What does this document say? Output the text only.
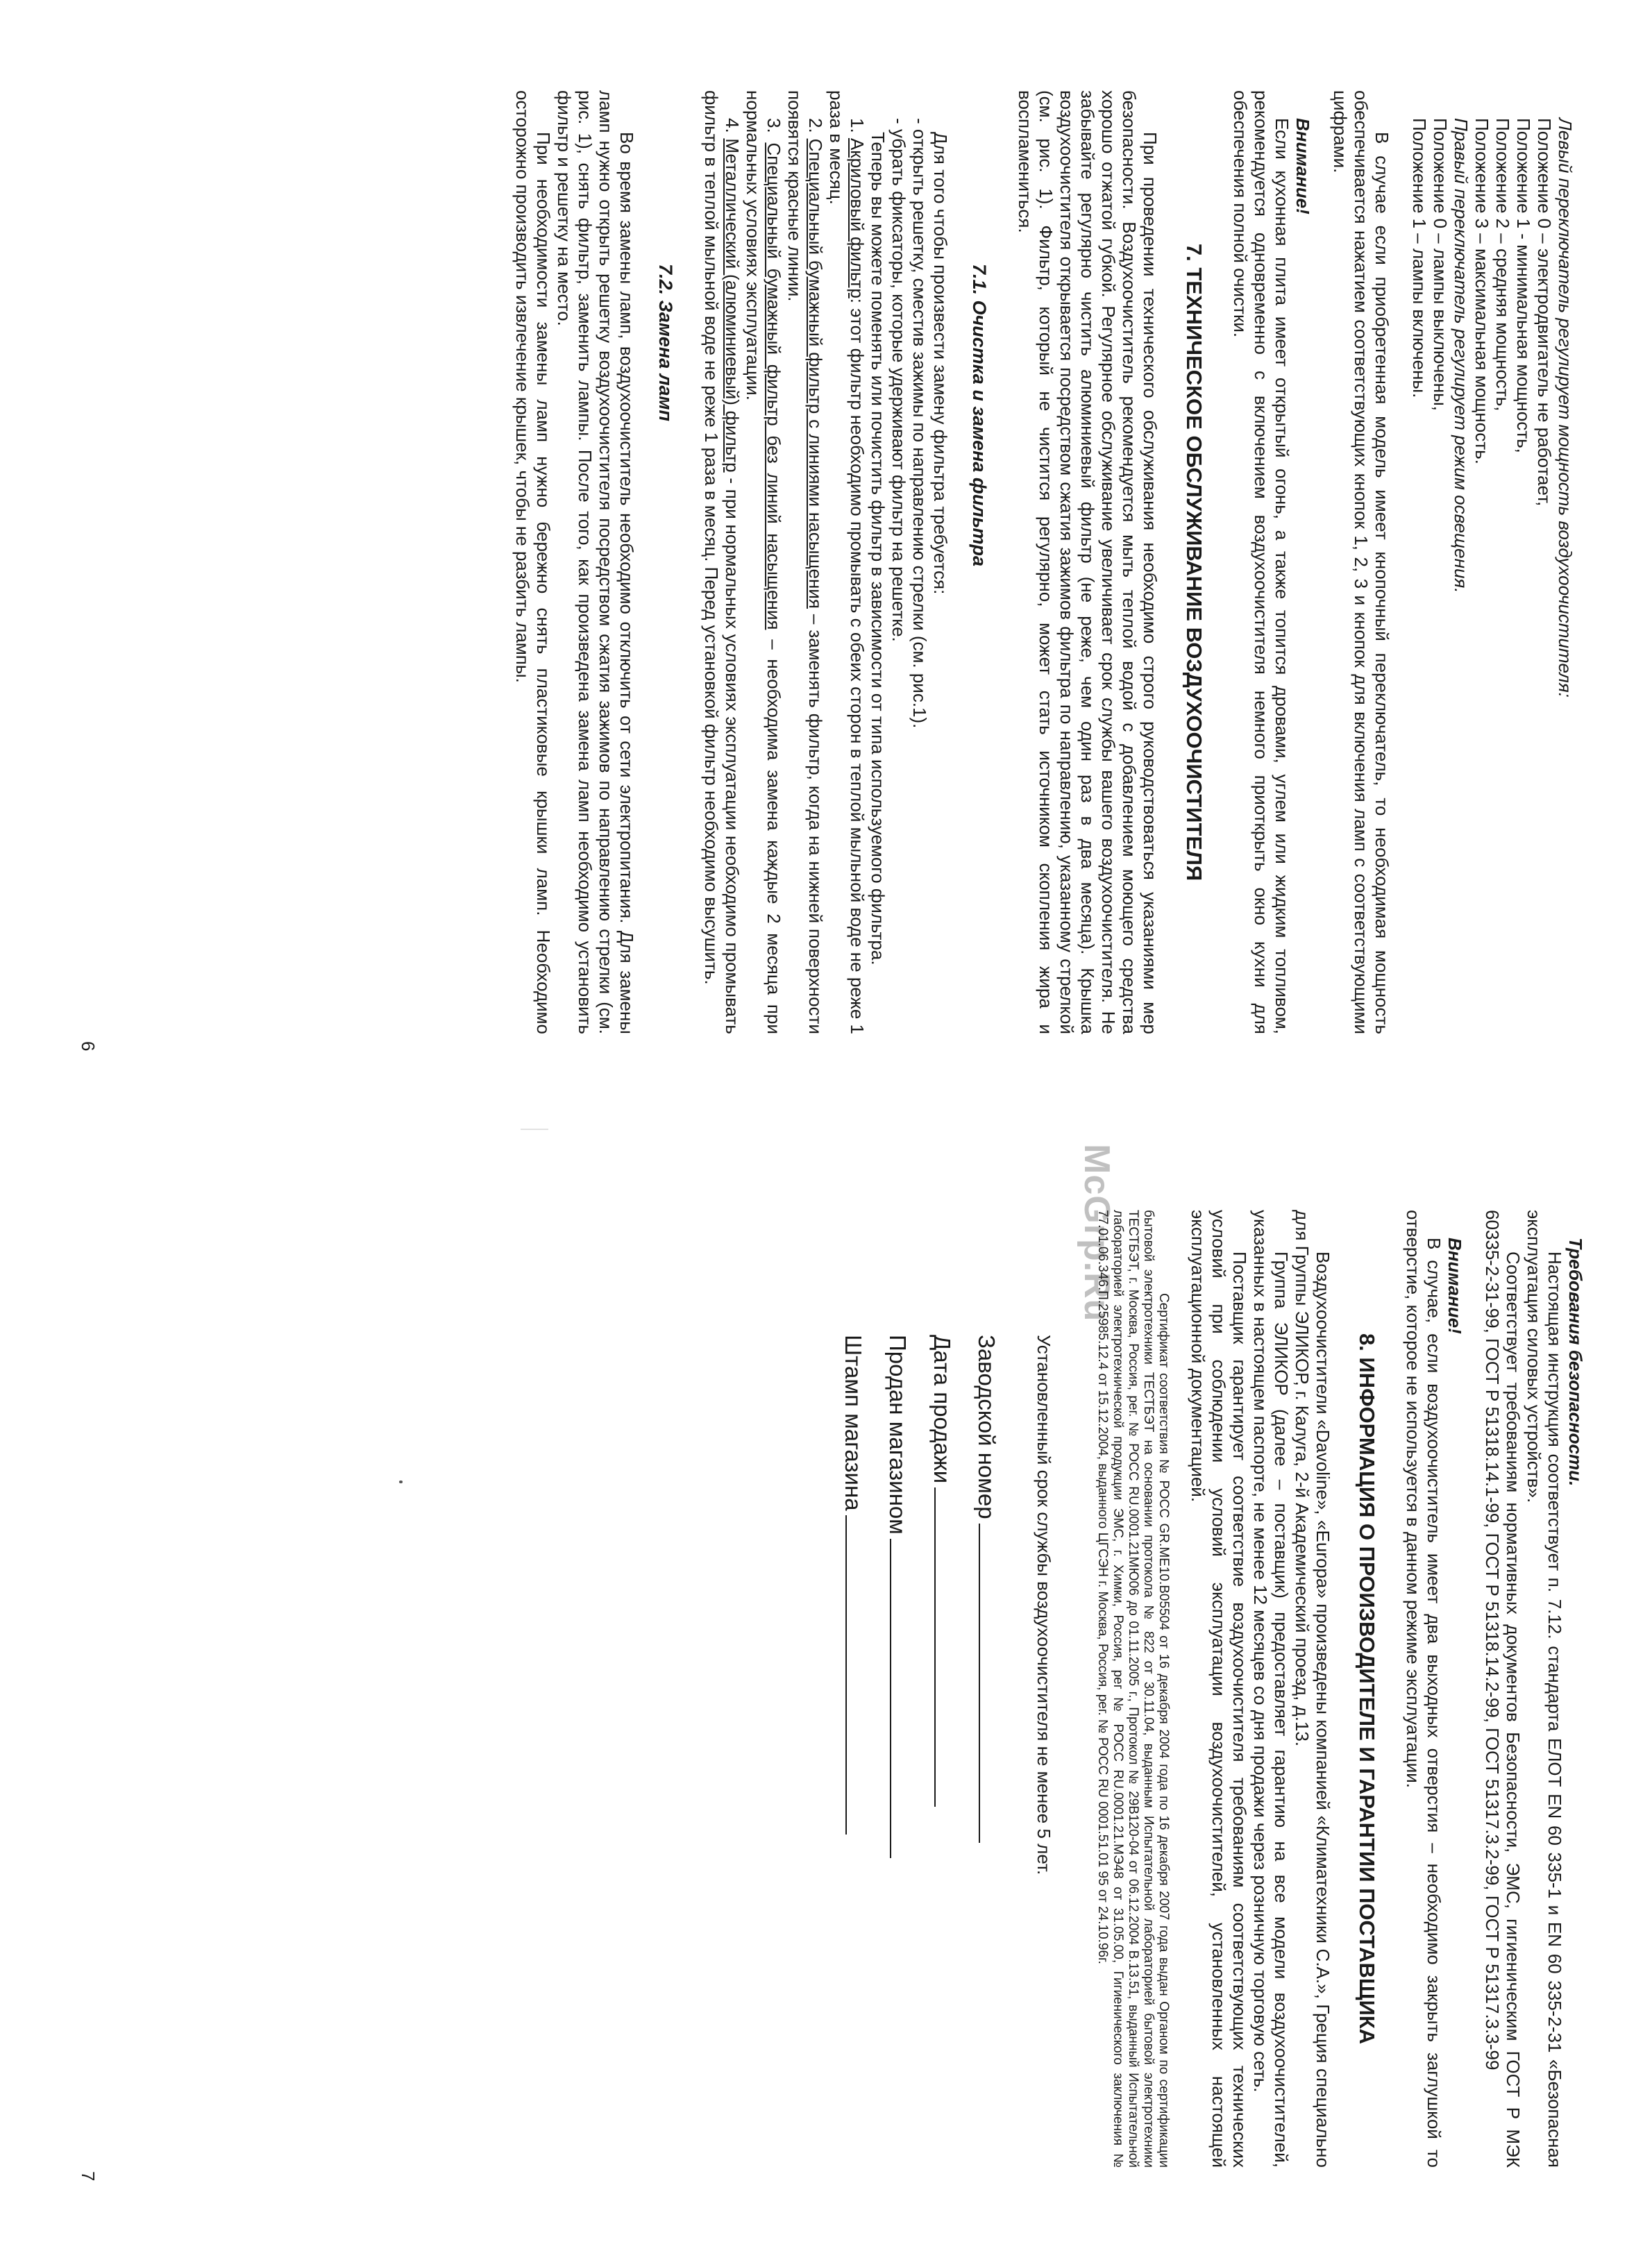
Левый переключатель регулирует мощность воздухоочистителя:

Положение 0 – электродвигатель не работает,

Положение 1 - минимальная мощность,

Положение 2 – средняя мощность,

Положение 3 – максимальная мощность.

Правый переключатель регулирует режим освещения.

Положение 0 – лампы выключены,

Положение 1 – лампы включены.

В случае если приобретенная модель имеет кнопочный переключатель, то необходимая мощность обеспечивается нажатием соответствующих кнопок 1, 2, 3 и кнопок для включения ламп с соответствующими цифрами.

Внимание!

Если кухонная плита имеет открытый огонь, а также топится дровами, углем или жидким топливом, рекомендуется одновременно с включением воздухоочистителя немного приоткрыть окно кухни для обеспечения полной очистки.

7. ТЕХНИЧЕСКОЕ ОБСЛУЖИВАНИЕ ВОЗДУХООЧИСТИТЕЛЯ

При проведении технического обслуживания необходимо строго руководствоваться указаниями мер безопасности. Воздухоочиститель рекомендуется мыть теплой водой с добавлением моющего средства хорошо отжатой губкой. Регулярное обслуживание увеличивает срок службы вашего воздухоочистителя. Не забывайте регулярно чистить алюминиевый фильтр (не реже, чем один раз в два месяца). Крышка воздухоочистителя открывается посредством сжатия зажимов фильтра по направлению, указанному стрелкой (см. рис. 1). Фильтр, который не чистится регулярно, может стать источником скопления жира и воспламениться.

7.1. Очистка и замена фильтра

Для того чтобы произвести замену фильтра требуется:

- открыть решетку, сместив зажимы по направлению стрелки (см. рис.1).

- убрать фиксаторы, которые удерживают фильтр на решетке.

Теперь вы можете поменять или почистить фильтр в зависимости от типа используемого фильтра.

1. Акриловый фильтр: этот фильтр необходимо промывать с обеих сторон в теплой мыльной воде не реже 1 раза в месяц.

2. Специальный бумажный фильтр с линиями насыщения – заменять фильтр, когда на нижней поверхности появятся красные линии.

3. Специальный бумажный фильтр без линий насыщения – необходима замена каждые 2 месяца при нормальных условиях эксплуатации.

4. Металлический (алюминиевый) фильтр - при нормальных условиях эксплуатации необходимо промывать фильтр в теплой мыльной воде не реже 1 раза в месяц. Перед установкой фильтр необходимо высушить.

7.2. Замена ламп

Во время замены ламп, воздухоочиститель необходимо отключить от сети электропитания. Для замены ламп нужно открыть решетку воздухоочистителя посредством сжатия зажимов по направлению стрелки (см. рис. 1), снять фильтр, заменить лампы. После того, как произведена замена ламп необходимо установить фильтр и решетку на место.

При необходимости замены ламп нужно бережно снять пластиковые крышки ламп. Необходимо осторожно производить извлечение крышек, чтобы не разбить лампы.

6
McGrp.Ru

Требования безопасности.

Настоящая инструкция соответствует п. 7.12. стандарта ЕЛОТ EN 60 335-1 и EN 60 335-2-31 «Безопасная эксплуатация силовых устройств».

Соответствует требованиям нормативных документов Безопасности, ЭМС, гигиеническим ГОСТ Р МЭК 60335-2-31-99, ГОСТ Р 51318.14.1-99, ГОСТ Р 51318.14.2-99, ГОСТ 51317.3.2-99, ГОСТ Р 51317.3.3-99

Внимание!

В случае, если воздухоочиститель имеет два выходных отверстия – необходимо закрыть заглушкой то отверстие, которое не используется в данном режиме эксплуатации.

8. ИНФОРМАЦИЯ О ПРОИЗВОДИТЕЛЕ И ГАРАНТИИ ПОСТАВЩИКА

Воздухоочистители «Davoline», «Europa» произведены компанией «Климатехники С.А.», Греция специально для Группы ЭЛИКОР, г. Калуга, 2-й Академический проезд, д.13.

Группа ЭЛИКОР (далее – поставщик) предоставляет гарантию на все модели воздухоочистителей, указанных в настоящем паспорте, не менее 12 месяцев со дня продажи через розничную торговую сеть.

Поставщик гарантирует соответствие воздухоочистителя требованиям соответствующих технических условий при соблюдении условий эксплуатации воздухоочистителей, установленных настоящей эксплуатационной документацией.

Сертификат соответствия № РОСС GR.ME10.B05504 от 16 декабря 2004 года по 16 декабря 2007 года выдан Органом по сертификации бытовой электротехники ТЕСТБЭТ на основании протокола № 822 от 30.11.04, выданным Испытательной лабораторией бытовой электротехники ТЕСТБЭТ, г. Москва, Россия, рег. № РОСС RU.0001.21МЮ06 до 01.11.2005 г., Протокол № 29В120-04 от 06.12.2004 В.13.51, выданный Испытательной лабораторией электротехнической продукции ЭМС, г. Химки, Россия, рег № РОСС RU.0001.21.МЭ48 от 31.05.00, Гигиенического заключения № 77.01.06.346.П.25985.12.4 от 15.12.2004, выданного ЦГСЭН г. Москва, Россия, рег. № РОСС RU 0001.51.01 95 от 24.10.96г.

Установленный срок службы воздухоочистителя не менее 5 лет.

Заводской номер
Дата продажи
Продан магазином
Штамп магазина
7
